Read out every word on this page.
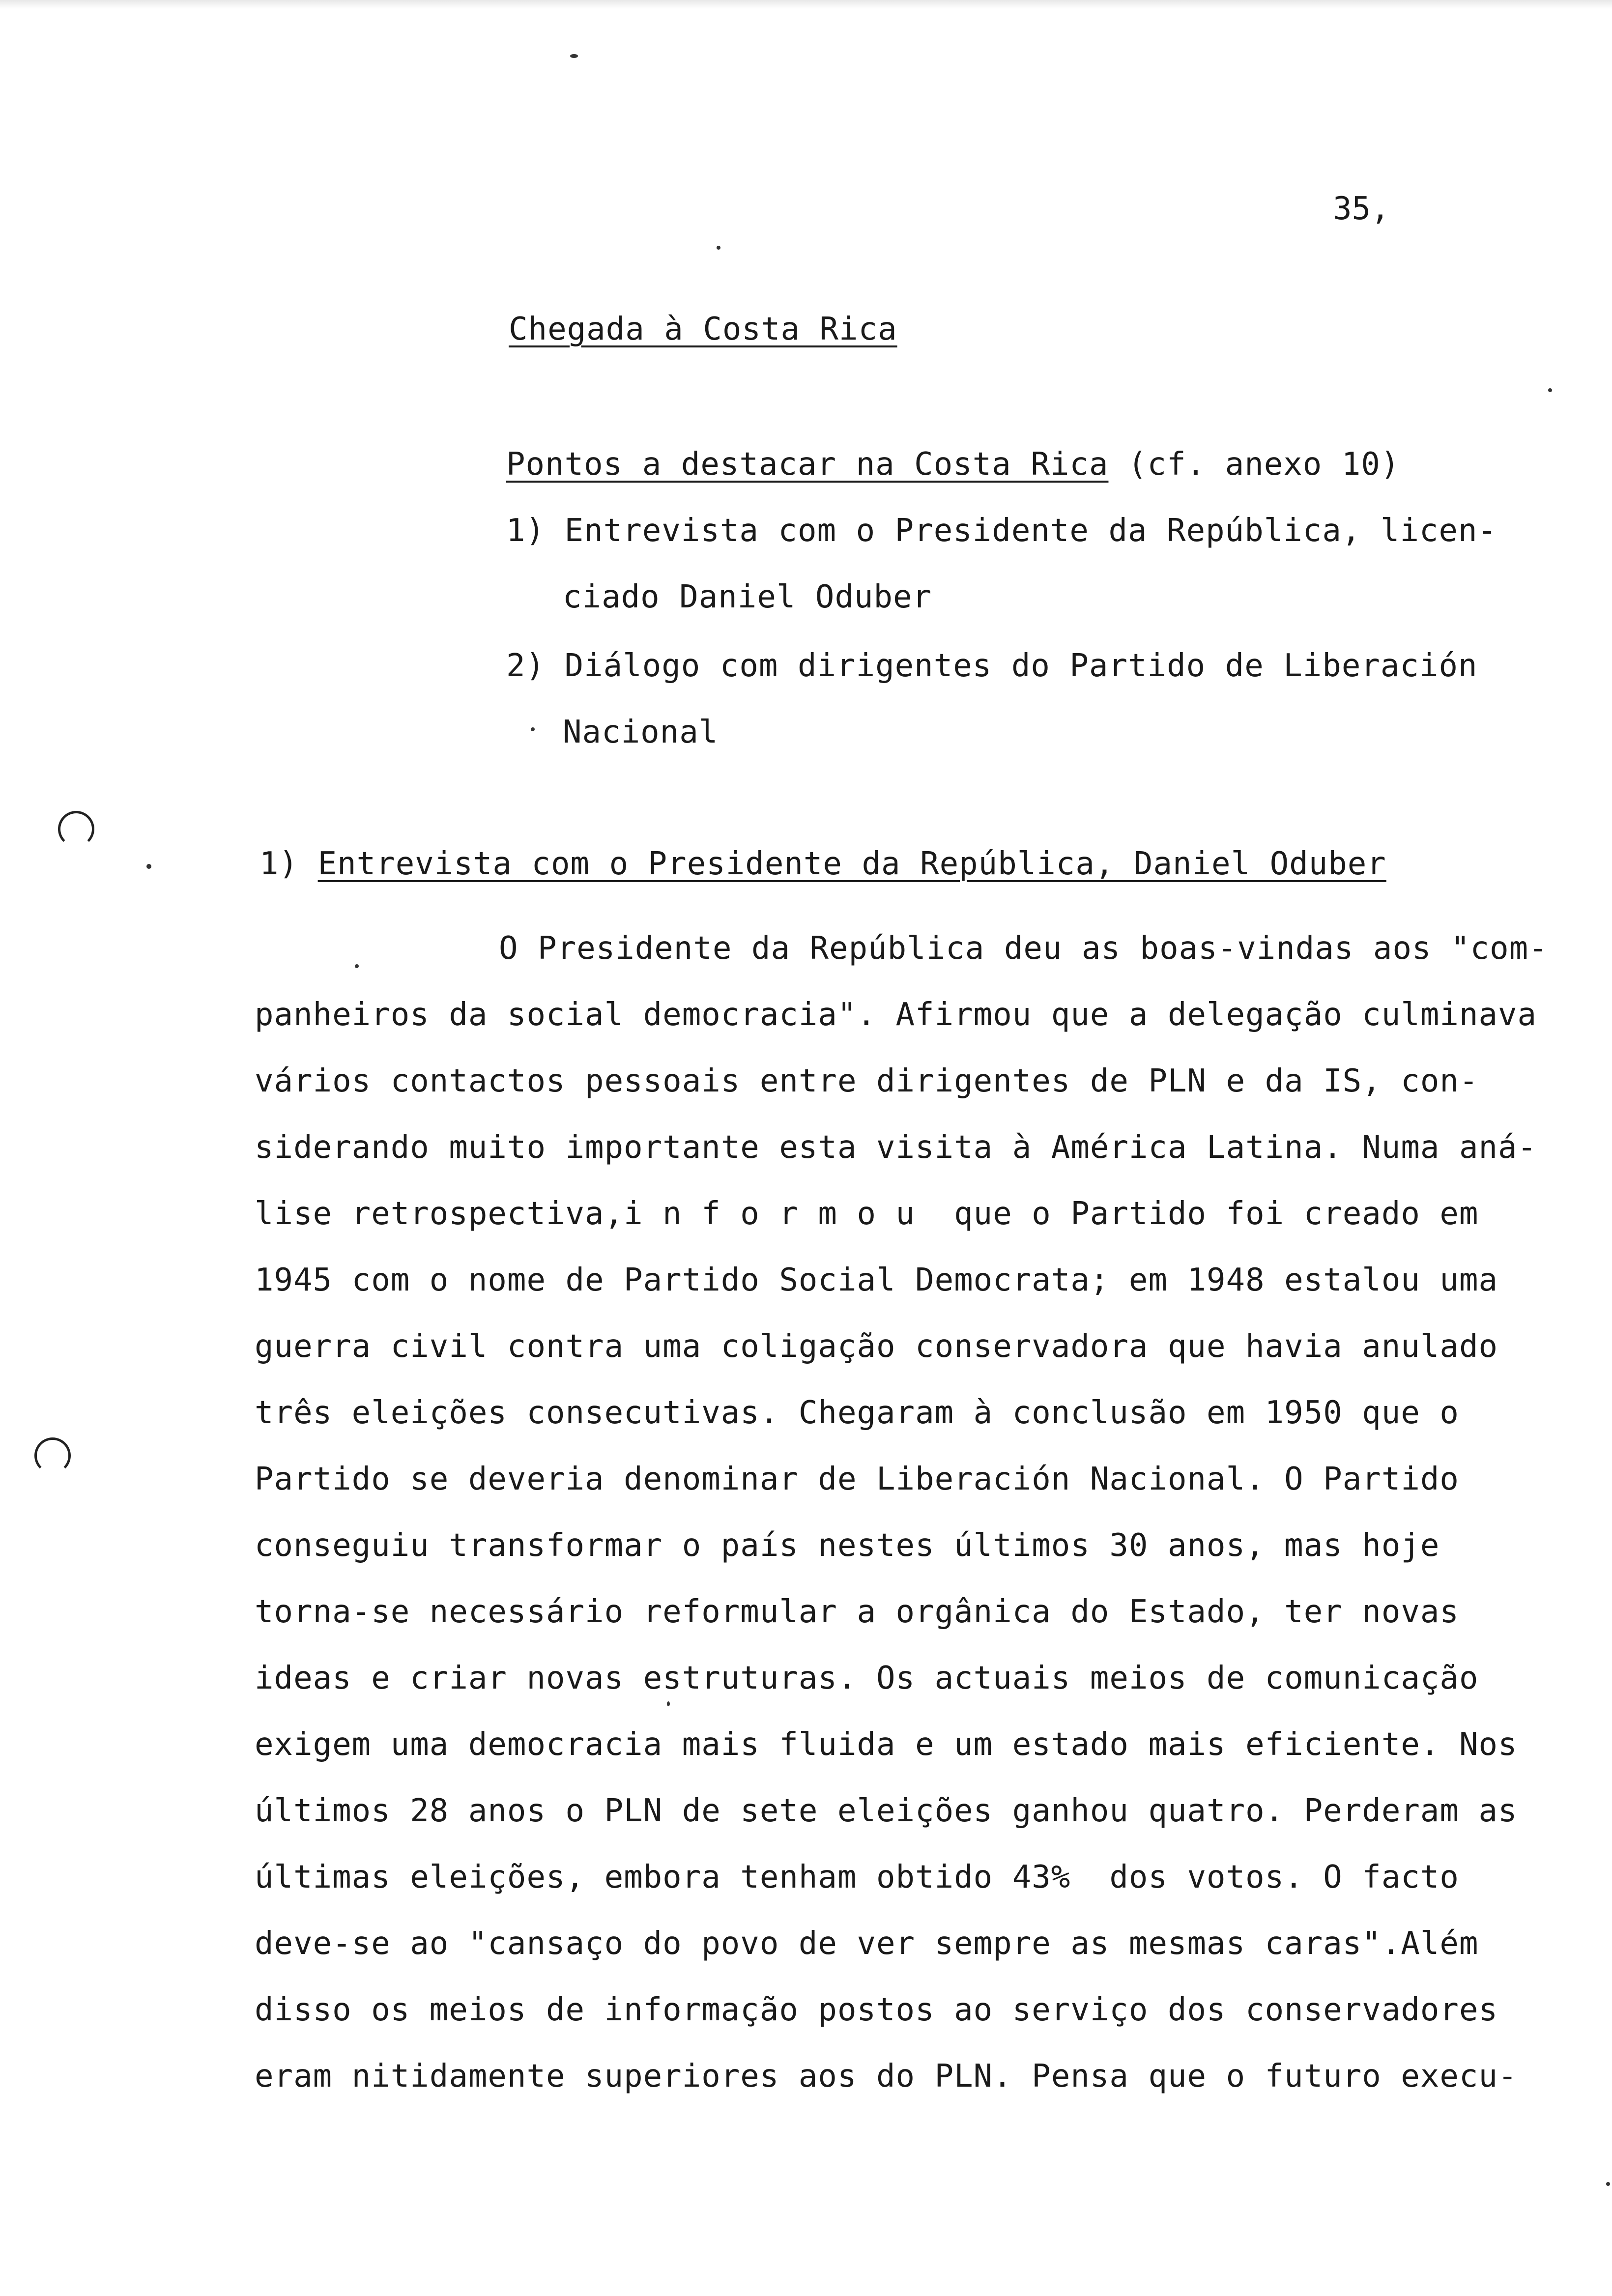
35,
Chegada à Costa Rica
Pontos a destacar na Costa Rica (cf. anexo 10)
1) Entrevista com o Presidente da República, licen-
ciado Daniel Oduber
2) Diálogo com dirigentes do Partido de Liberación
Nacional
1) Entrevista com o Presidente da República, Daniel Oduber
O Presidente da República deu as boas-vindas aos "com-
panheiros da social democracia". Afirmou que a delegação culminava
vários contactos pessoais entre dirigentes de PLN e da IS, con-
siderando muito importante esta visita à América Latina. Numa aná-
lise retrospectiva,i n f o r m o u  que o Partido foi creado em
1945 com o nome de Partido Social Democrata; em 1948 estalou uma
guerra civil contra uma coligação conservadora que havia anulado
três eleições consecutivas. Chegaram à conclusão em 1950 que o
Partido se deveria denominar de Liberación Nacional. O Partido
conseguiu transformar o país nestes últimos 30 anos, mas hoje
torna-se necessário reformular a orgânica do Estado, ter novas
ideas e criar novas estruturas. Os actuais meios de comunicação
exigem uma democracia mais fluida e um estado mais eficiente. Nos
últimos 28 anos o PLN de sete eleições ganhou quatro. Perderam as
últimas eleições, embora tenham obtido 43%  dos votos. O facto
deve-se ao "cansaço do povo de ver sempre as mesmas caras".Além
disso os meios de informação postos ao serviço dos conservadores
eram nitidamente superiores aos do PLN. Pensa que o futuro execu-
